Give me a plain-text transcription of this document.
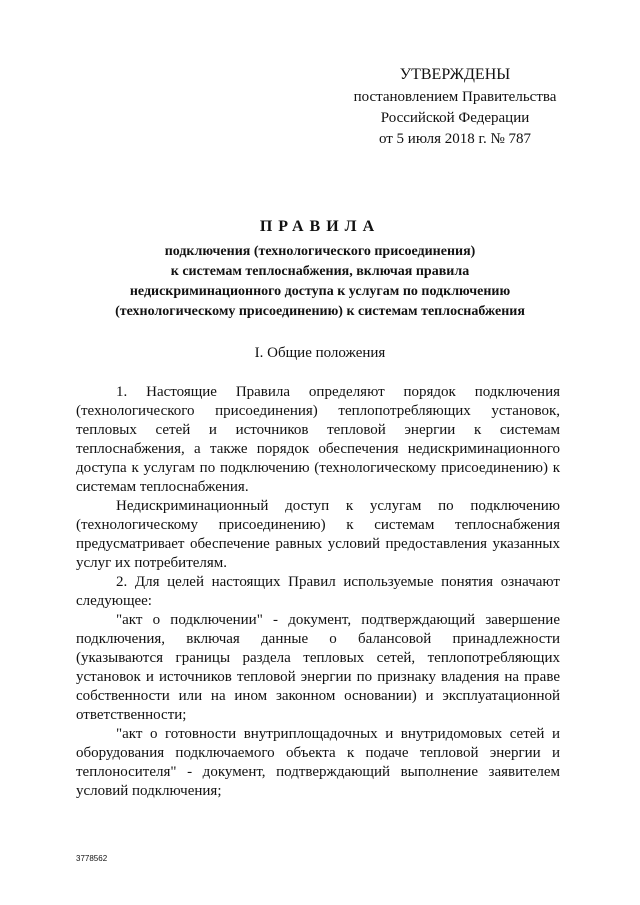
УТВЕРЖДЕНЫ
постановлением Правительства
Российской Федерации
от 5 июля 2018 г. № 787
ПРАВИЛА
подключения (технологического присоединения)
к системам теплоснабжения, включая правила
недискриминационного доступа к услугам по подключению
(технологическому присоединению) к системам теплоснабжения
I. Общие положения

1. Настоящие Правила определяют порядок подключения (технологического присоединения) теплопотребляющих установок, тепловых сетей и источников тепловой энергии к системам теплоснабжения, а также порядок обеспечения недискриминационного доступа к услугам по подключению (технологическому присоединению) к системам теплоснабжения.

Недискриминационный доступ к услугам по подключению (технологическому присоединению) к системам теплоснабжения предусматривает обеспечение равных условий предоставления указанных услуг их потребителям.

2. Для целей настоящих Правил используемые понятия означают следующее:

"акт о подключении" - документ, подтверждающий завершение подключения, включая данные о балансовой принадлежности (указываются границы раздела тепловых сетей, теплопотребляющих установок и источников тепловой энергии по признаку владения на праве собственности или на ином законном основании) и эксплуатационной ответственности;

"акт о готовности внутриплощадочных и внутридомовых сетей и оборудования подключаемого объекта к подаче тепловой энергии и теплоносителя" - документ, подтверждающий выполнение заявителем условий подключения;

3778562
